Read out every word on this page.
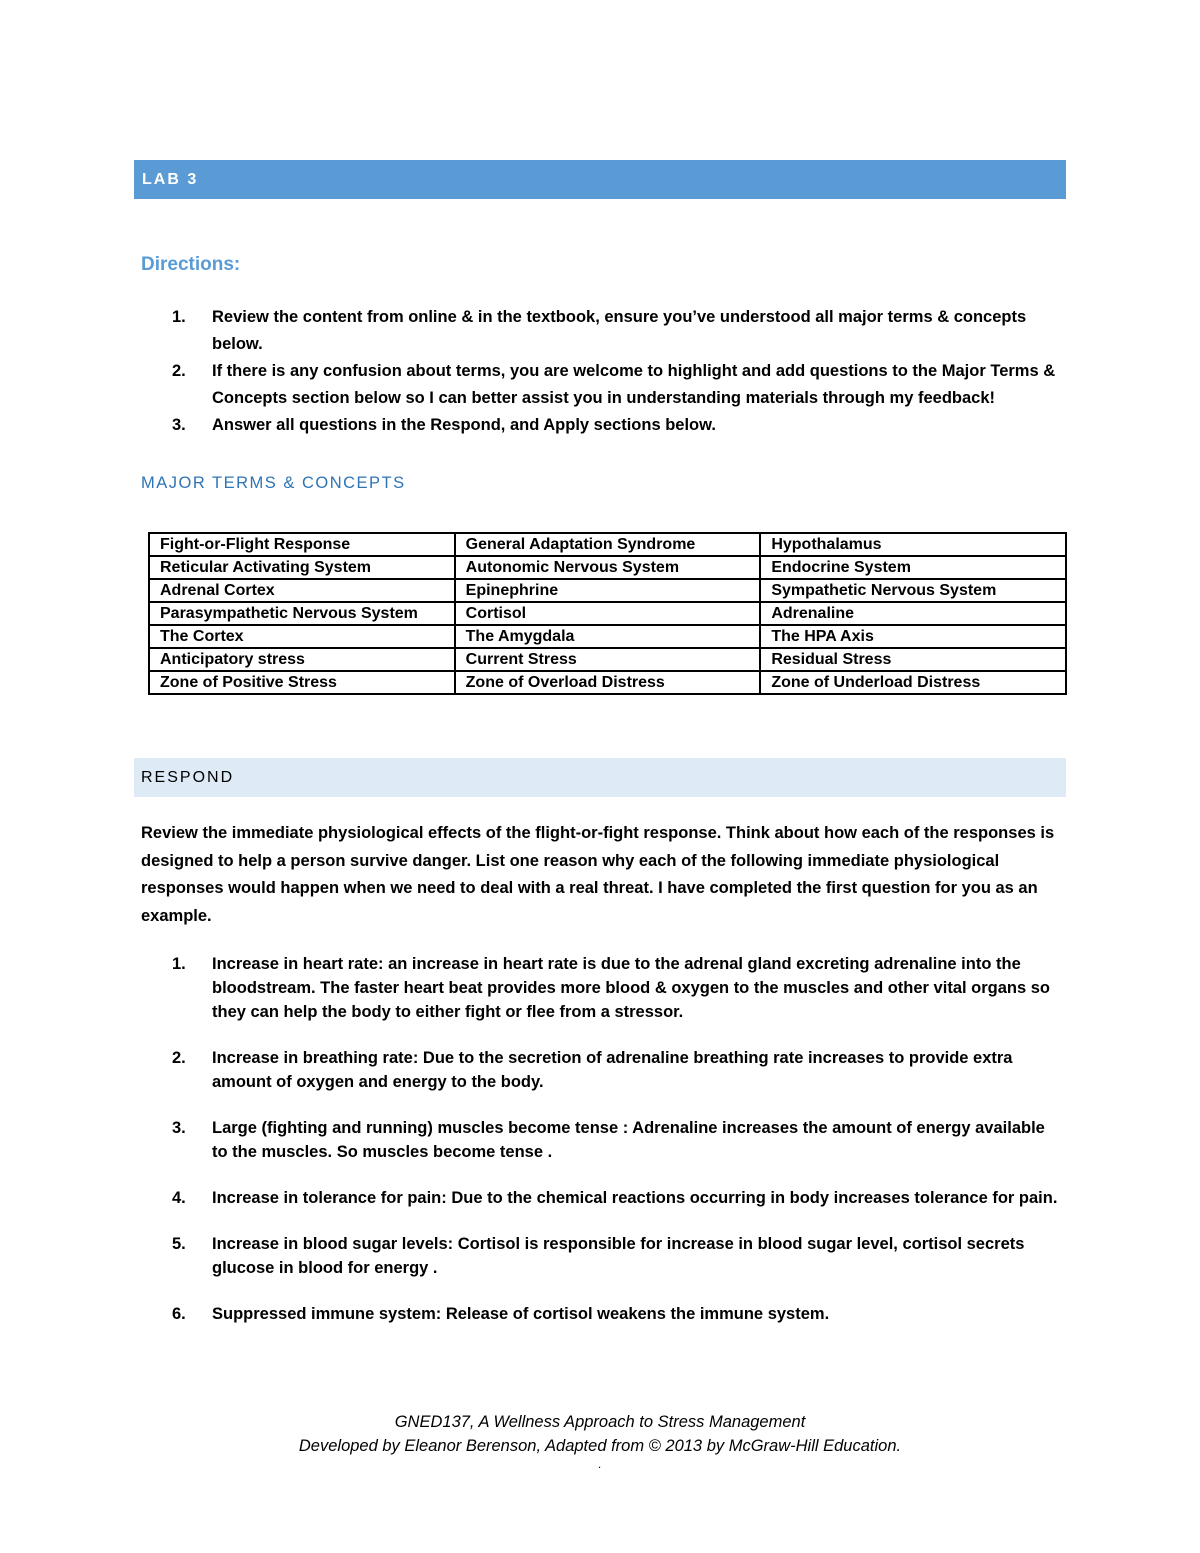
LAB 3
Directions:
1. Review the content from online & in the textbook, ensure you’ve understood all major terms & concepts below.
2. If there is any confusion about terms, you are welcome to highlight and add questions to the Major Terms & Concepts section below so I can better assist you in understanding materials through my feedback!
3. Answer all questions in the Respond, and Apply sections below.
MAJOR TERMS & CONCEPTS
Fight-or-Flight Response	General Adaptation Syndrome	Hypothalamus
Reticular Activating System	Autonomic Nervous System	Endocrine System
Adrenal Cortex	Epinephrine	Sympathetic Nervous System
Parasympathetic Nervous System	Cortisol	Adrenaline
The Cortex	The Amygdala	The HPA Axis
Anticipatory stress	Current Stress	Residual Stress
Zone of Positive Stress	Zone of Overload Distress	Zone of Underload Distress
RESPOND

Review the immediate physiological effects of the flight-or-fight response. Think about how each of the responses is designed to help a person survive danger. List one reason why each of the following immediate physiological responses would happen when we need to deal with a real threat. I have completed the first question for you as an example.

1. Increase in heart rate: an increase in heart rate is due to the adrenal gland excreting adrenaline into the bloodstream. The faster heart beat provides more blood & oxygen to the muscles and other vital organs so they can help the body to either fight or flee from a stressor.
2. Increase in breathing rate: Due to the secretion of adrenaline breathing rate increases to provide extra amount of oxygen and energy to the body.
3. Large (fighting and running) muscles become tense : Adrenaline increases the amount of energy available to the muscles. So muscles become tense .
4. Increase in tolerance for pain: Due to the chemical reactions occurring in body increases tolerance for pain.
5. Increase in blood sugar levels: Cortisol is responsible for increase in blood sugar level, cortisol secrets glucose in blood for energy .
6. Suppressed immune system: Release of cortisol weakens the immune system.

GNED137, A Wellness Approach to Stress Management

Developed by Eleanor Berenson, Adapted from © 2013 by McGraw-Hill Education.

.
